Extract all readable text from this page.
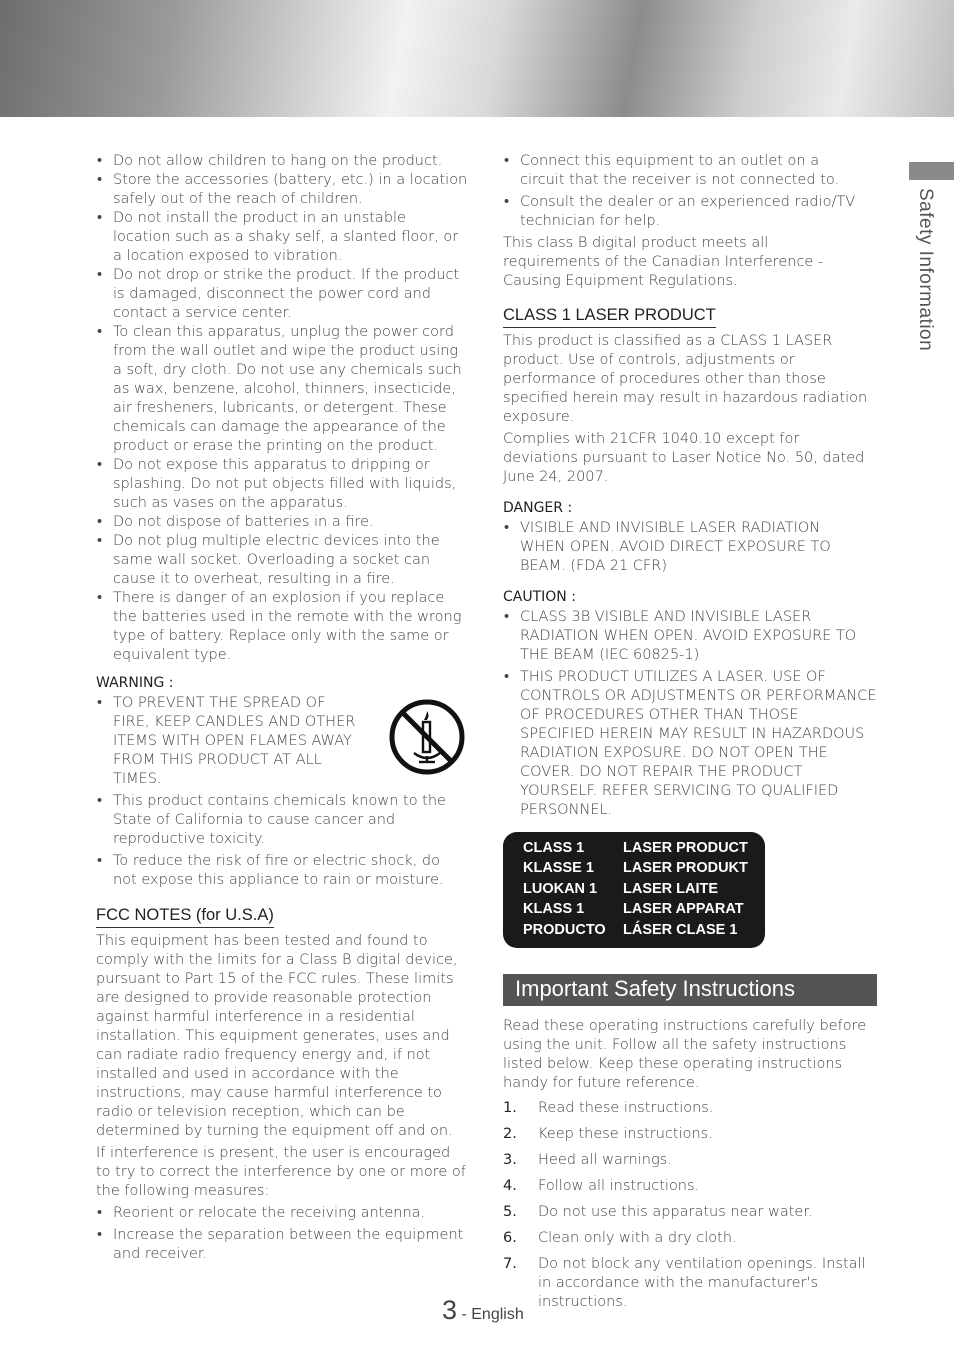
Safety Information
• Do not allow children to hang on the product.
• Store the accessories (battery, etc.) in a location safely out of the reach of children.
• Do not install the product in an unstable location such as a shaky self, a slanted floor, or a location exposed to vibration.
• Do not drop or strike the product. If the product is damaged, disconnect the power cord and contact a service center.
• To clean this apparatus, unplug the power cord from the wall outlet and wipe the product using a soft, dry cloth. Do not use any chemicals such as wax, benzene, alcohol, thinners, insecticide, air fresheners, lubricants, or detergent. These chemicals can damage the appearance of the product or erase the printing on the product.
• Do not expose this apparatus to dripping or splashing. Do not put objects filled with liquids, such as vases on the apparatus.
• Do not dispose of batteries in a fire.
• Do not plug multiple electric devices into the same wall socket. Overloading a socket can cause it to overheat, resulting in a fire.
• There is danger of an explosion if you replace the batteries used in the remote with the wrong type of battery. Replace only with the same or equivalent type.
WARNING :
• TO PREVENT THE SPREAD OF FIRE, KEEP CANDLES AND OTHER ITEMS WITH OPEN FLAMES AWAY FROM THIS PRODUCT AT ALL TIMES.
• This product contains chemicals known to the State of California to cause cancer and reproductive toxicity.
• To reduce the risk of fire or electric shock, do not expose this appliance to rain or moisture.
FCC NOTES (for U.S.A)

This equipment has been tested and found to comply with the limits for a Class B digital device, pursuant to Part 15 of the FCC rules. These limits are designed to provide reasonable protection against harmful interference in a residential installation. This equipment generates, uses and can radiate radio frequency energy and, if not installed and used in accordance with the instructions, may cause harmful interference to radio or television reception, which can be determined by turning the equipment off and on.

If interference is present, the user is encouraged to try to correct the interference by one or more of the following measures:

• Reorient or relocate the receiving antenna.
• Increase the separation between the equipment and receiver.
• Connect this equipment to an outlet on a circuit that the receiver is not connected to.
• Consult the dealer or an experienced radio/TV technician for help.

This class B digital product meets all requirements of the Canadian Interference - Causing Equipment Regulations.

CLASS 1 LASER PRODUCT

This product is classified as a CLASS 1 LASER product. Use of controls, adjustments or performance of procedures other than those specified herein may result in hazardous radiation exposure.

Complies with 21CFR 1040.10 except for deviations pursuant to Laser Notice No. 50, dated June 24, 2007.

DANGER :
• VISIBLE AND INVISIBLE LASER RADIATION WHEN OPEN. AVOID DIRECT EXPOSURE TO BEAM. (FDA 21 CFR)
CAUTION :
• CLASS 3B VISIBLE AND INVISIBLE LASER RADIATION WHEN OPEN. AVOID EXPOSURE TO THE BEAM (IEC 60825-1)
• THIS PRODUCT UTILIZES A LASER. USE OF CONTROLS OR ADJUSTMENTS OR PERFORMANCE OF PROCEDURES OTHER THAN THOSE SPECIFIED HEREIN MAY RESULT IN HAZARDOUS RADIATION EXPOSURE. DO NOT OPEN THE COVER. DO NOT REPAIR THE PRODUCT YOURSELF. REFER SERVICING TO QUALIFIED PERSONNEL.
CLASS 1	LASER PRODUCT
KLASSE 1	LASER PRODUKT
LUOKAN 1	LASER LAITE
KLASS 1	LASER APPARAT
PRODUCTO	LÁSER CLASE 1
Important Safety Instructions

Read these operating instructions carefully before using the unit. Follow all the safety instructions listed below. Keep these operating instructions handy for future reference.

1. Read these instructions.
2. Keep these instructions.
3. Heed all warnings.
4. Follow all instructions.
5. Do not use this apparatus near water.
6. Clean only with a dry cloth.
7. Do not block any ventilation openings. Install in accordance with the manufacturer's instructions.
3 - English
